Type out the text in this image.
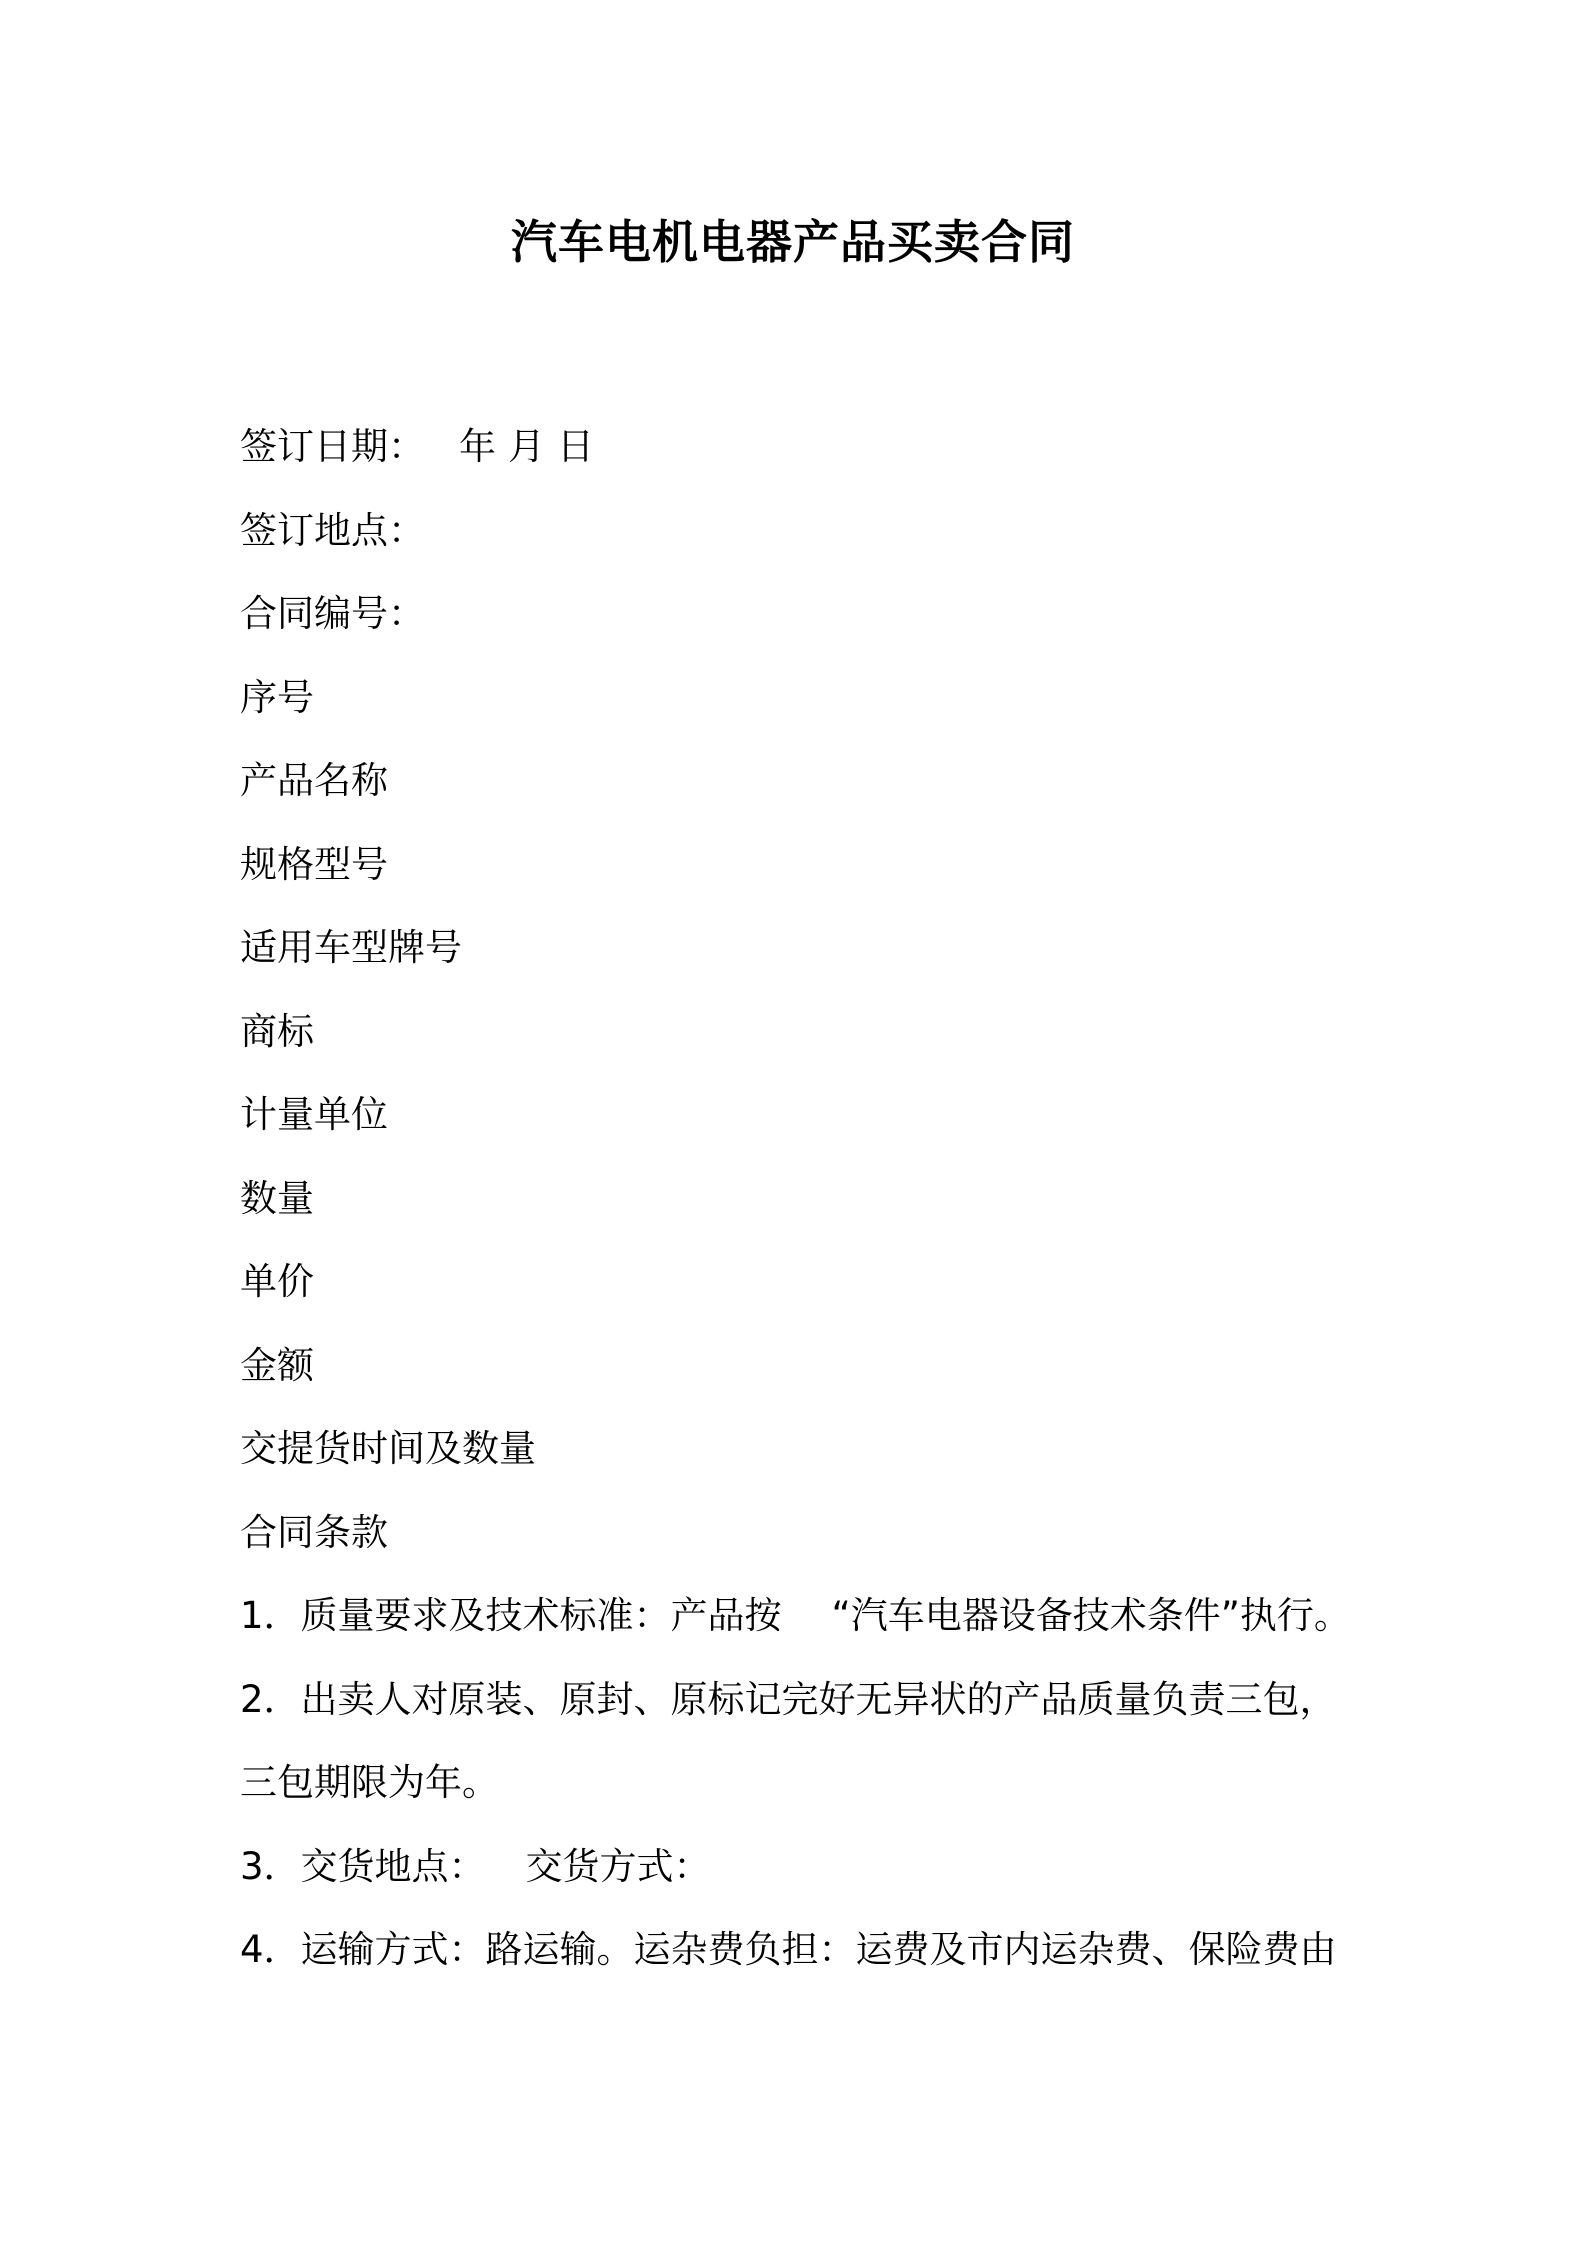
汽车电机电器产品买卖合同
签订日期： 年 月 日
签订地点：
合同编号：
序号
产品名称
规格型号
适用车型牌号
商标
计量单位
数量
单价
金额
交提货时间及数量
合同条款
1．质量要求及技术标准：产品按 “汽车电器设备技术条件”执行。
2．出卖人对原装、原封、原标记完好无异状的产品质量负责三包，
三包期限为年。
3．交货地点： 交货方式：
4．运输方式：路运输。运杂费负担：运费及市内运杂费、保险费由
